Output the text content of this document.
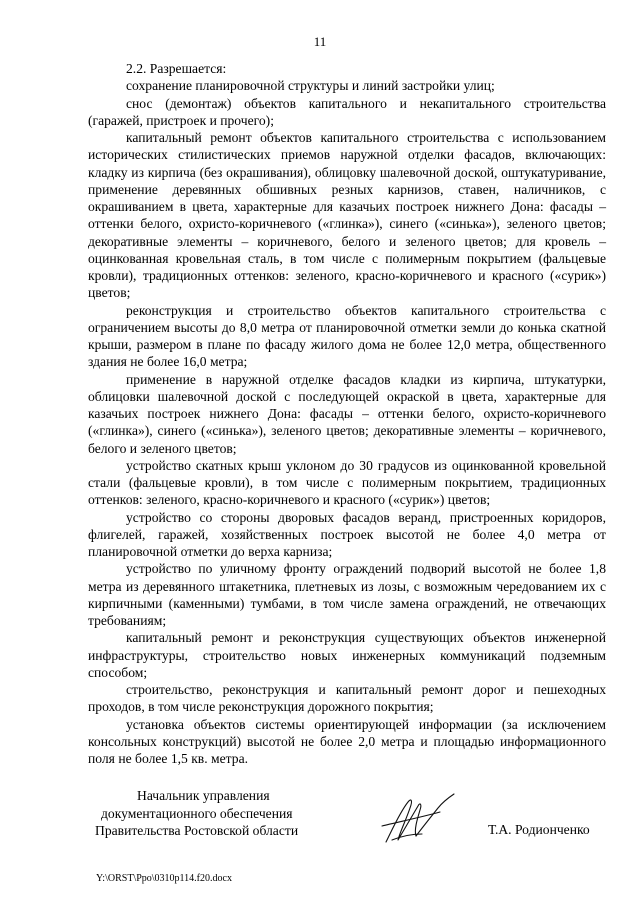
11

2.2. Разрешается:

сохранение планировочной структуры и линий застройки улиц;

снос (демонтаж) объектов капитального и некапитального строительства (гаражей, пристроек и прочего);

капитальный ремонт объектов капитального строительства с использованием исторических стилистических приемов наружной отделки фасадов, включающих: кладку из кирпича (без окрашивания), облицовку шалевочной доской, оштукатуривание, применение деревянных обшивных резных карнизов, ставен, наличников, с окрашиванием в цвета, характерные для казачьих построек нижнего Дона: фасады – оттенки белого, охристо-коричневого («глинка»), синего («синька»), зеленого цветов; декоративные элементы – коричневого, белого и зеленого цветов; для кровель – оцинкованная кровельная сталь, в том числе с полимерным покрытием (фальцевые кровли), традиционных оттенков: зеленого, красно-коричневого и красного («сурик») цветов;

реконструкция и строительство объектов капитального строительства с ограничением высоты до 8,0 метра от планировочной отметки земли до конька скатной крыши, размером в плане по фасаду жилого дома не более 12,0 метра, общественного здания не более 16,0 метра;

применение в наружной отделке фасадов кладки из кирпича, штукатурки, облицовки шалевочной доской с последующей окраской в цвета, характерные для казачьих построек нижнего Дона: фасады – оттенки белого, охристо-коричневого («глинка»), синего («синька»), зеленого цветов; декоративные элементы – коричневого, белого и зеленого цветов;

устройство скатных крыш уклоном до 30 градусов из оцинкованной кровельной стали (фальцевые кровли), в том числе с полимерным покрытием, традиционных оттенков: зеленого, красно-коричневого и красного («сурик») цветов;

устройство со стороны дворовых фасадов веранд, пристроенных коридоров, флигелей, гаражей, хозяйственных построек высотой не более 4,0 метра от планировочной отметки до верха карниза;

устройство по уличному фронту ограждений подворий высотой не более 1,8 метра из деревянного штакетника, плетневых из лозы, с возможным чередованием их с кирпичными (каменными) тумбами, в том числе замена ограждений, не отвечающих требованиям;

капитальный ремонт и реконструкция существующих объектов инженерной инфраструктуры, строительство новых инженерных коммуникаций подземным способом;

строительство, реконструкция и капитальный ремонт дорог и пешеходных проходов, в том числе реконструкция дорожного покрытия;

установка объектов системы ориентирующей информации (за исключением консольных конструкций) высотой не более 2,0 метра и площадью информационного поля не более 1,5 кв. метра.

Начальник управления
документационного обеспечения
Правительства Ростовской области	Т.А. Родионченко
Y:\ORST\Ppo\0310p114.f20.docx
